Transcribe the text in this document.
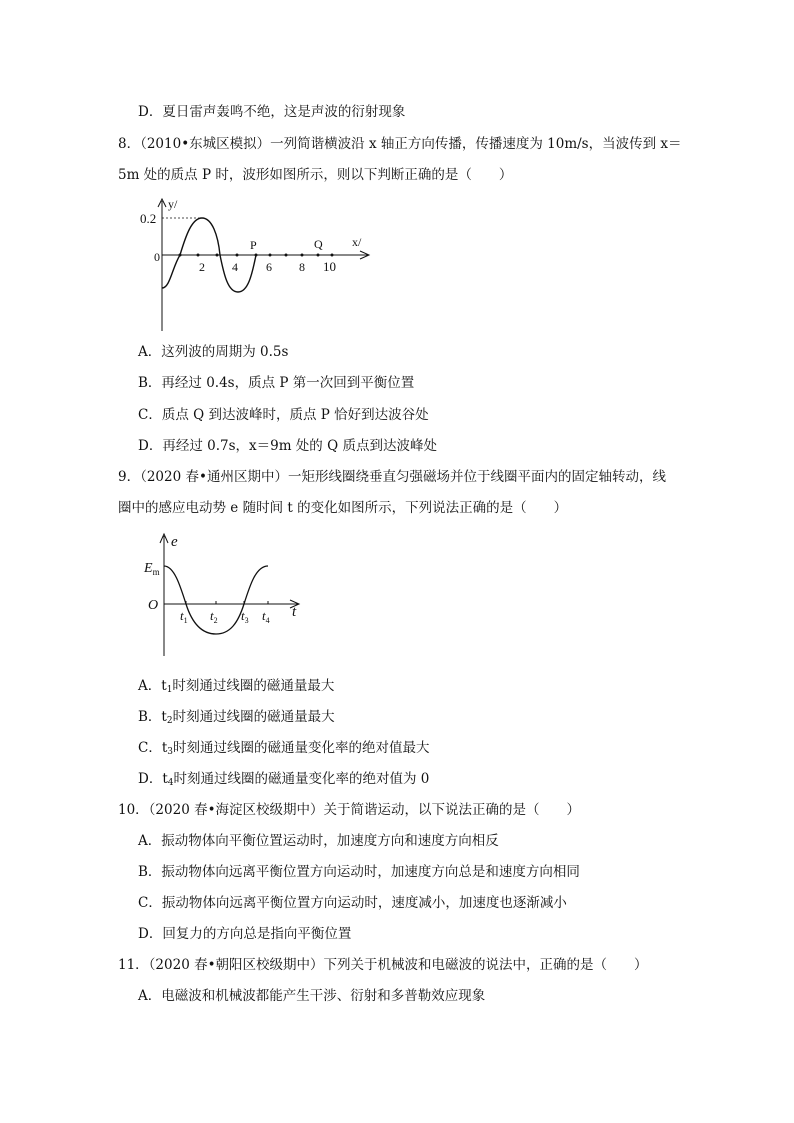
D．夏日雷声轰鸣不绝，这是声波的衍射现象
8．（2010•东城区模拟）一列简谐横波沿 x 轴正方向传播，传播速度为 10m/s，当波传到 x＝
5m 处的质点 P 时，波形如图所示，则以下判断正确的是（　　）
y/
x/
0.2
0
2 4 6 8 10
P	Q
A．这列波的周期为 0.5s
B．再经过 0.4s，质点 P 第一次回到平衡位置
C．质点 Q 到达波峰时，质点 P 恰好到达波谷处
D．再经过 0.7s，x＝9m 处的 Q 质点到达波峰处
9．（2020 春•通州区期中）一矩形线圈绕垂直匀强磁场并位于线圈平面内的固定轴转动，线
圈中的感应电动势 e 随时间 t 的变化如图所示，下列说法正确的是（　　）
e
t
$E_m$
O
$t_1$ $t_2$ $t_3$ $t_4$
A．$t_1$时刻通过线圈的磁通量最大
B．$t_2$时刻通过线圈的磁通量最大
C．$t_3$时刻通过线圈的磁通量变化率的绝对值最大
D．$t_4$时刻通过线圈的磁通量变化率的绝对值为 0
10．（2020 春•海淀区校级期中）关于简谐运动，以下说法正确的是（　　）
A．振动物体向平衡位置运动时，加速度方向和速度方向相反
B．振动物体向远离平衡位置方向运动时，加速度方向总是和速度方向相同
C．振动物体向远离平衡位置方向运动时，速度减小，加速度也逐渐减小
D．回复力的方向总是指向平衡位置
11．（2020 春•朝阳区校级期中）下列关于机械波和电磁波的说法中，正确的是（　　）
A．电磁波和机械波都能产生干涉、衍射和多普勒效应现象
